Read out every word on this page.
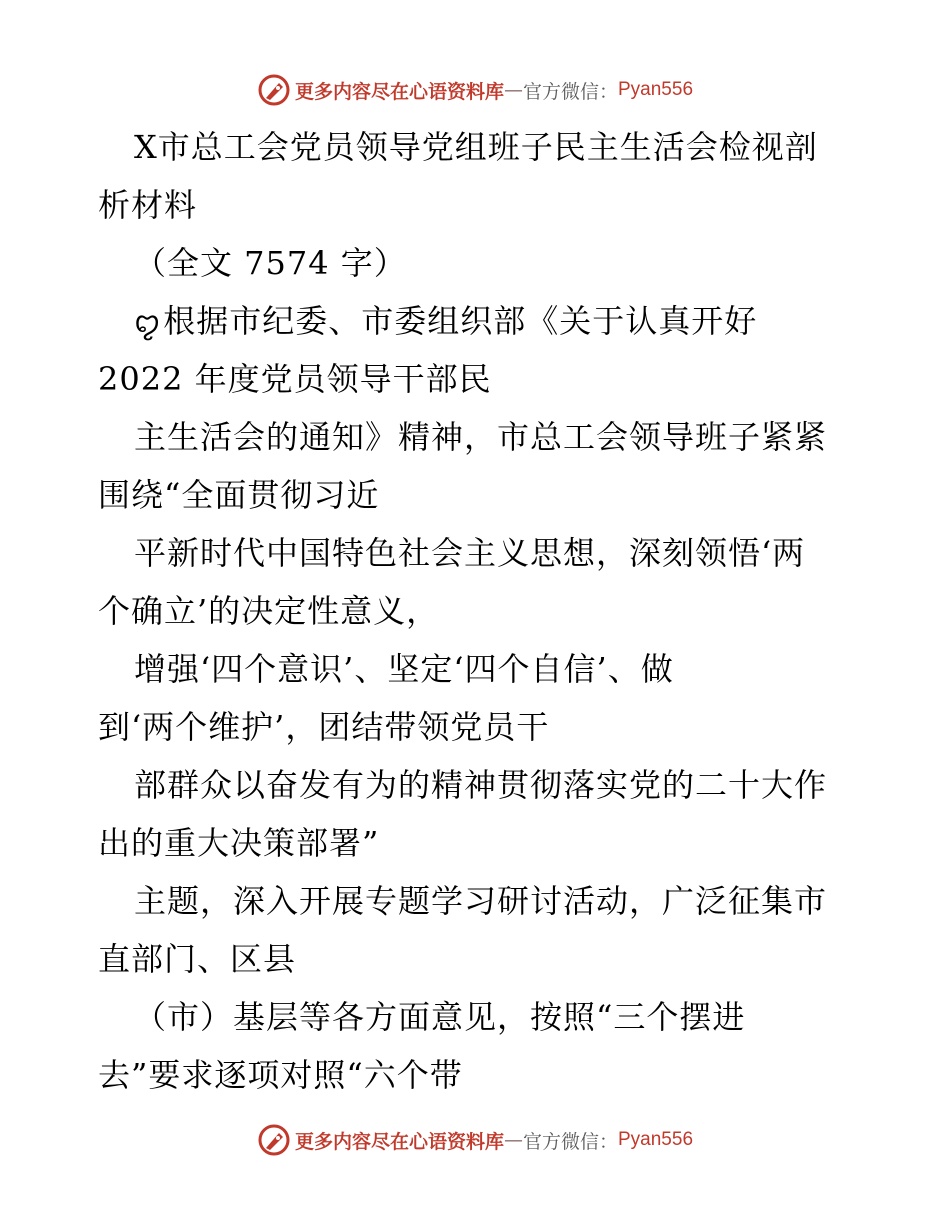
更多内容尽在心语资料库 — 官方微信： Pyan556
X市总工会党员领导党组班子民主生活会检视剖
析材料
（全文 7574 字）
ꨄ根据市纪委、市委组织部《关于认真开好
2022 年度党员领导干部民
主生活会的通知》精神，市总工会领导班子紧紧
围绕“全面贯彻习近
平新时代中国特色社会主义思想，深刻领悟‘两
个确立’的决定性意义，
增强‘四个意识’、坚定‘四个自信’、做
到‘两个维护’，团结带领党员干
部群众以奋发有为的精神贯彻落实党的二十大作
出的重大决策部署”
主题，深入开展专题学习研讨活动，广泛征集市
直部门、区县
（市）基层等各方面意见，按照“三个摆进
去”要求逐项对照“六个带
更多内容尽在心语资料库 — 官方微信： Pyan556
